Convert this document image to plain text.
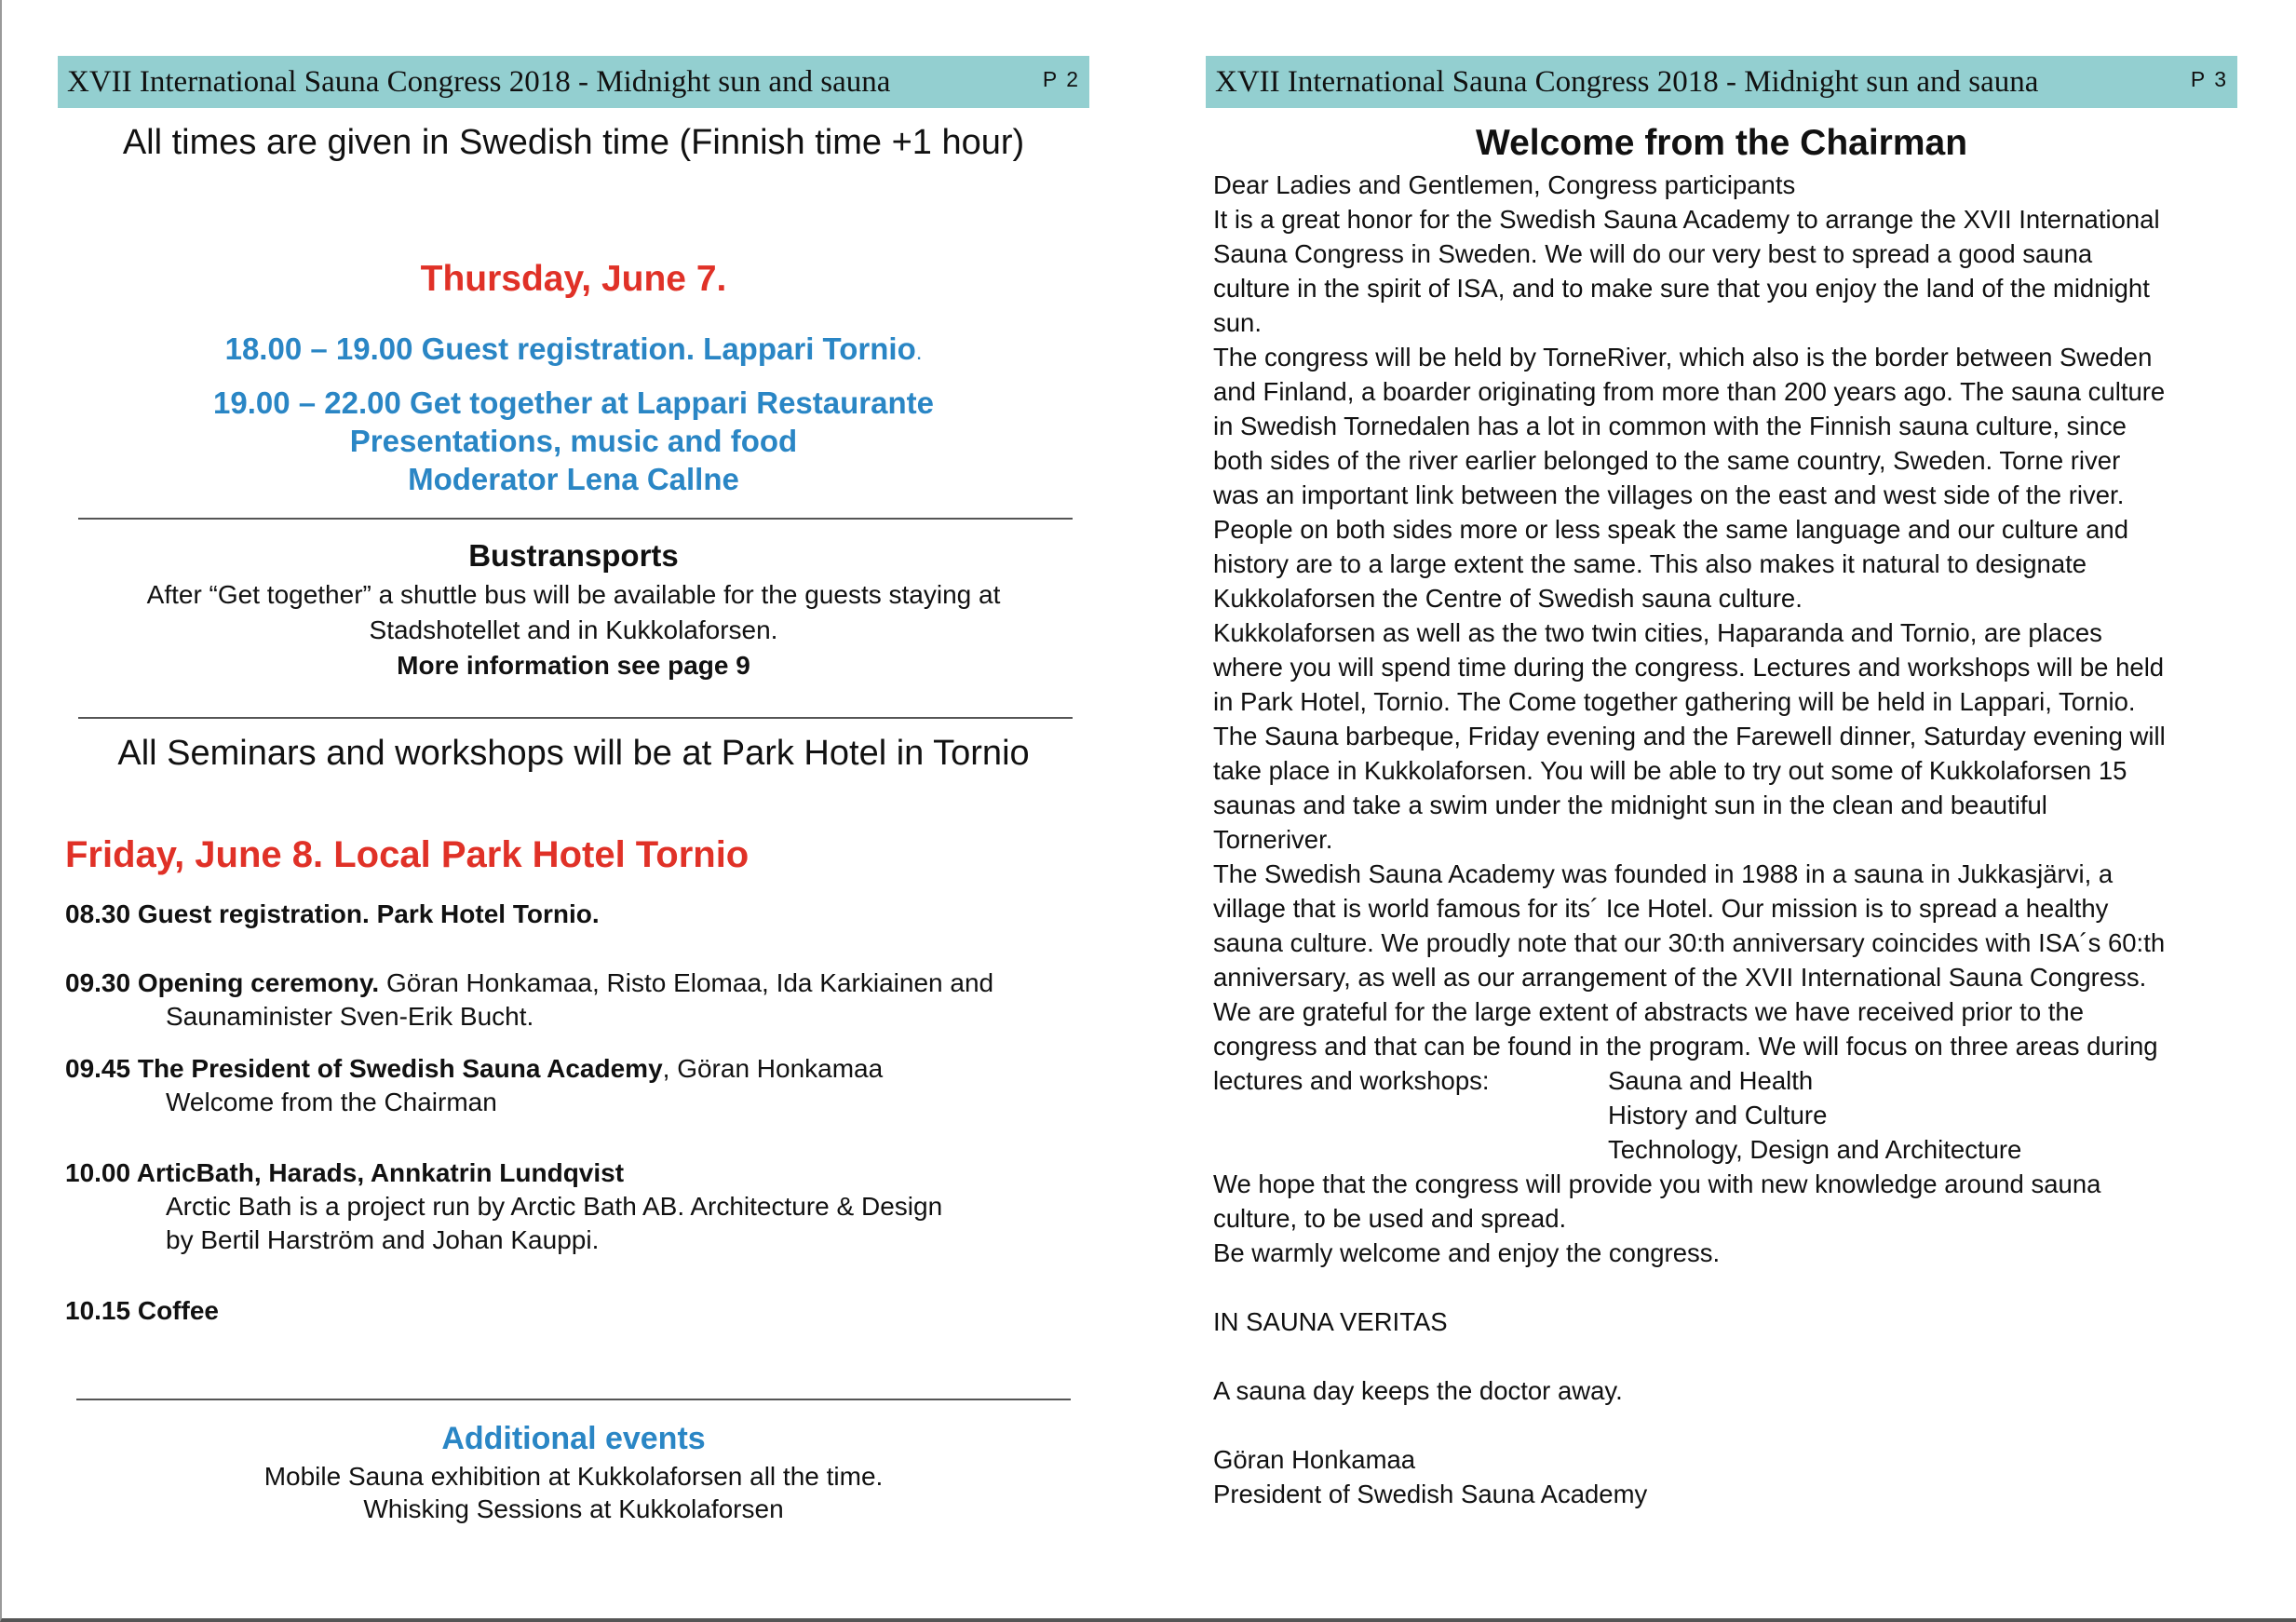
XVII International Sauna Congress 2018 - Midnight sun and sauna	P 2
All times are given in Swedish time (Finnish time +1 hour)
Thursday, June 7.
18.00 – 19.00 Guest registration. Lappari Tornio.
19.00 – 22.00 Get together at Lappari Restaurante
Presentations, music and food
Moderator Lena Callne
Bustransports
After “Get together” a shuttle bus will be available for the guests staying at
Stadshotellet and in Kukkolaforsen.
More information see page 9
All Seminars and workshops will be at Park Hotel in Tornio
Friday, June 8. Local Park Hotel Tornio
08.30 Guest registration. Park Hotel Tornio.
09.30 Opening ceremony. Göran Honkamaa, Risto Elomaa, Ida Karkiainen and
Saunaminister Sven-Erik Bucht.
09.45 The President of Swedish Sauna Academy, Göran Honkamaa
Welcome from the Chairman
10.00 ArticBath, Harads, Annkatrin Lundqvist
Arctic Bath is a project run by Arctic Bath AB. Architecture & Design
by Bertil Harström and Johan Kauppi.
10.15 Coffee
Additional events
Mobile Sauna exhibition at Kukkolaforsen all the time.
Whisking Sessions at Kukkolaforsen
XVII International Sauna Congress 2018 - Midnight sun and sauna	P 3
Welcome from the Chairman
Dear Ladies and Gentlemen, Congress participants
It is a great honor for the Swedish Sauna Academy to arrange the XVII International
Sauna Congress in Sweden. We will do our very best to spread a good sauna
culture in the spirit of ISA, and to make sure that you enjoy the land of the midnight
sun.
The congress will be held by TorneRiver, which also is the border between Sweden
and Finland, a boarder originating from more than 200 years ago. The sauna culture
in Swedish Tornedalen has a lot in common with the Finnish sauna culture, since
both sides of the river earlier belonged to the same country, Sweden. Torne river
was an important link between the villages on the east and west side of the river.
People on both sides more or less speak the same language and our culture and
history are to a large extent the same. This also makes it natural to designate
Kukkolaforsen the Centre of Swedish sauna culture.
Kukkolaforsen as well as the two twin cities, Haparanda and Tornio, are places
where you will spend time during the congress. Lectures and workshops will be held
in Park Hotel, Tornio. The Come together gathering will be held in Lappari, Tornio.
The Sauna barbeque, Friday evening and the Farewell dinner, Saturday evening will
take place in Kukkolaforsen. You will be able to try out some of Kukkolaforsen 15
saunas and take a swim under the midnight sun in the clean and beautiful
Torneriver.
The Swedish Sauna Academy was founded in 1988 in a sauna in Jukkasjärvi, a
village that is world famous for its´ Ice Hotel. Our mission is to spread a healthy
sauna culture. We proudly note that our 30:th anniversary coincides with ISA´s 60:th
anniversary, as well as our arrangement of the XVII International Sauna Congress.
We are grateful for the large extent of abstracts we have received prior to the
congress and that can be found in the program. We will focus on three areas during
lectures and workshops:	Sauna and Health
History and Culture
Technology, Design and Architecture
We hope that the congress will provide you with new knowledge around sauna
culture, to be used and spread.
Be warmly welcome and enjoy the congress.
IN SAUNA VERITAS
A sauna day keeps the doctor away.
Göran Honkamaa
President of Swedish Sauna Academy
